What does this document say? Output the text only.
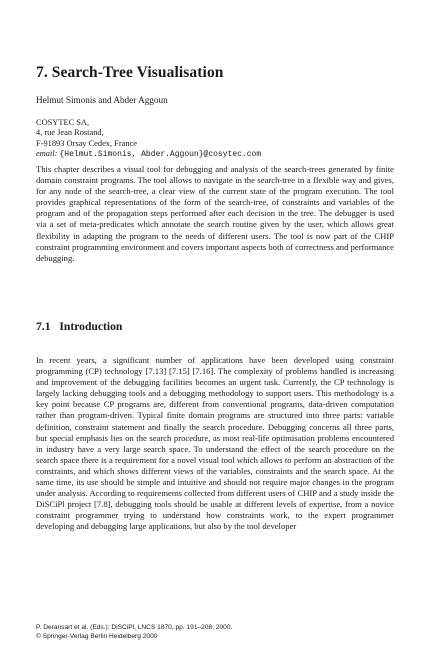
7. Search-Tree Visualisation
Helmut Simonis and Abder Aggoun
COSYTEC SA,
4, rue Jean Rostand,
F-91893 Orsay Cedex, France
email: {Helmut.Simonis, Abder.Aggoun}@cosytec.com

This chapter describes a visual tool for debugging and analysis of the search-trees generated by finite domain constraint programs. The tool allows to navigate in the search-tree in a flexible way and gives, for any node of the search-tree, a clear view of the current state of the program execution. The tool provides graphical representations of the form of the search-tree, of constraints and variables of the program and of the propagation steps performed after each decision in the tree. The debugger is used via a set of meta-predicates which annotate the search routine given by the user, which allows great flexibility in adapting the program to the needs of different users. The tool is now part of the CHIP constraint programming environment and covers important aspects both of correctness and performance debugging.

7.1 Introduction

In recent years, a significant number of applications have been developed using constraint programming (CP) technology [7.13] [7.15] [7.16]. The complexity of problems handled is increasing and improvement of the debugging facilities becomes an urgent task. Currently, the CP technology is largely lacking debugging tools and a debugging methodology to support users. This methodology is a key point because CP programs are, different from conventional programs, data-driven computation rather than program-driven. Typical finite domain programs are structured into three parts: variable definition, constraint statement and finally the search procedure. Debugging concerns all three parts, but special emphasis lies on the search procedure, as most real-life optimisation problems encountered in industry have a very large search space. To understand the effect of the search procedure on the search space there is a requirement for a novel visual tool which allows to perform an abstraction of the constraints, and which shows different views of the variables, constraints and the search space. At the same time, its use should be simple and intuitive and should not require major changes in the program under analysis. According to requirements collected from different users of CHIP and a study inside the DiSCiPl project [7.8], debugging tools should be usable at different levels of expertise, from a novice constraint programmer trying to understand how constraints work, to the expert programmer developing and debugging large applications, but also by the tool developer

P. Deransart et al. (Eds.): DiSCiPl, LNCS 1870, pp. 191–208, 2000.
© Springer-Verlag Berlin Heidelberg 2000
